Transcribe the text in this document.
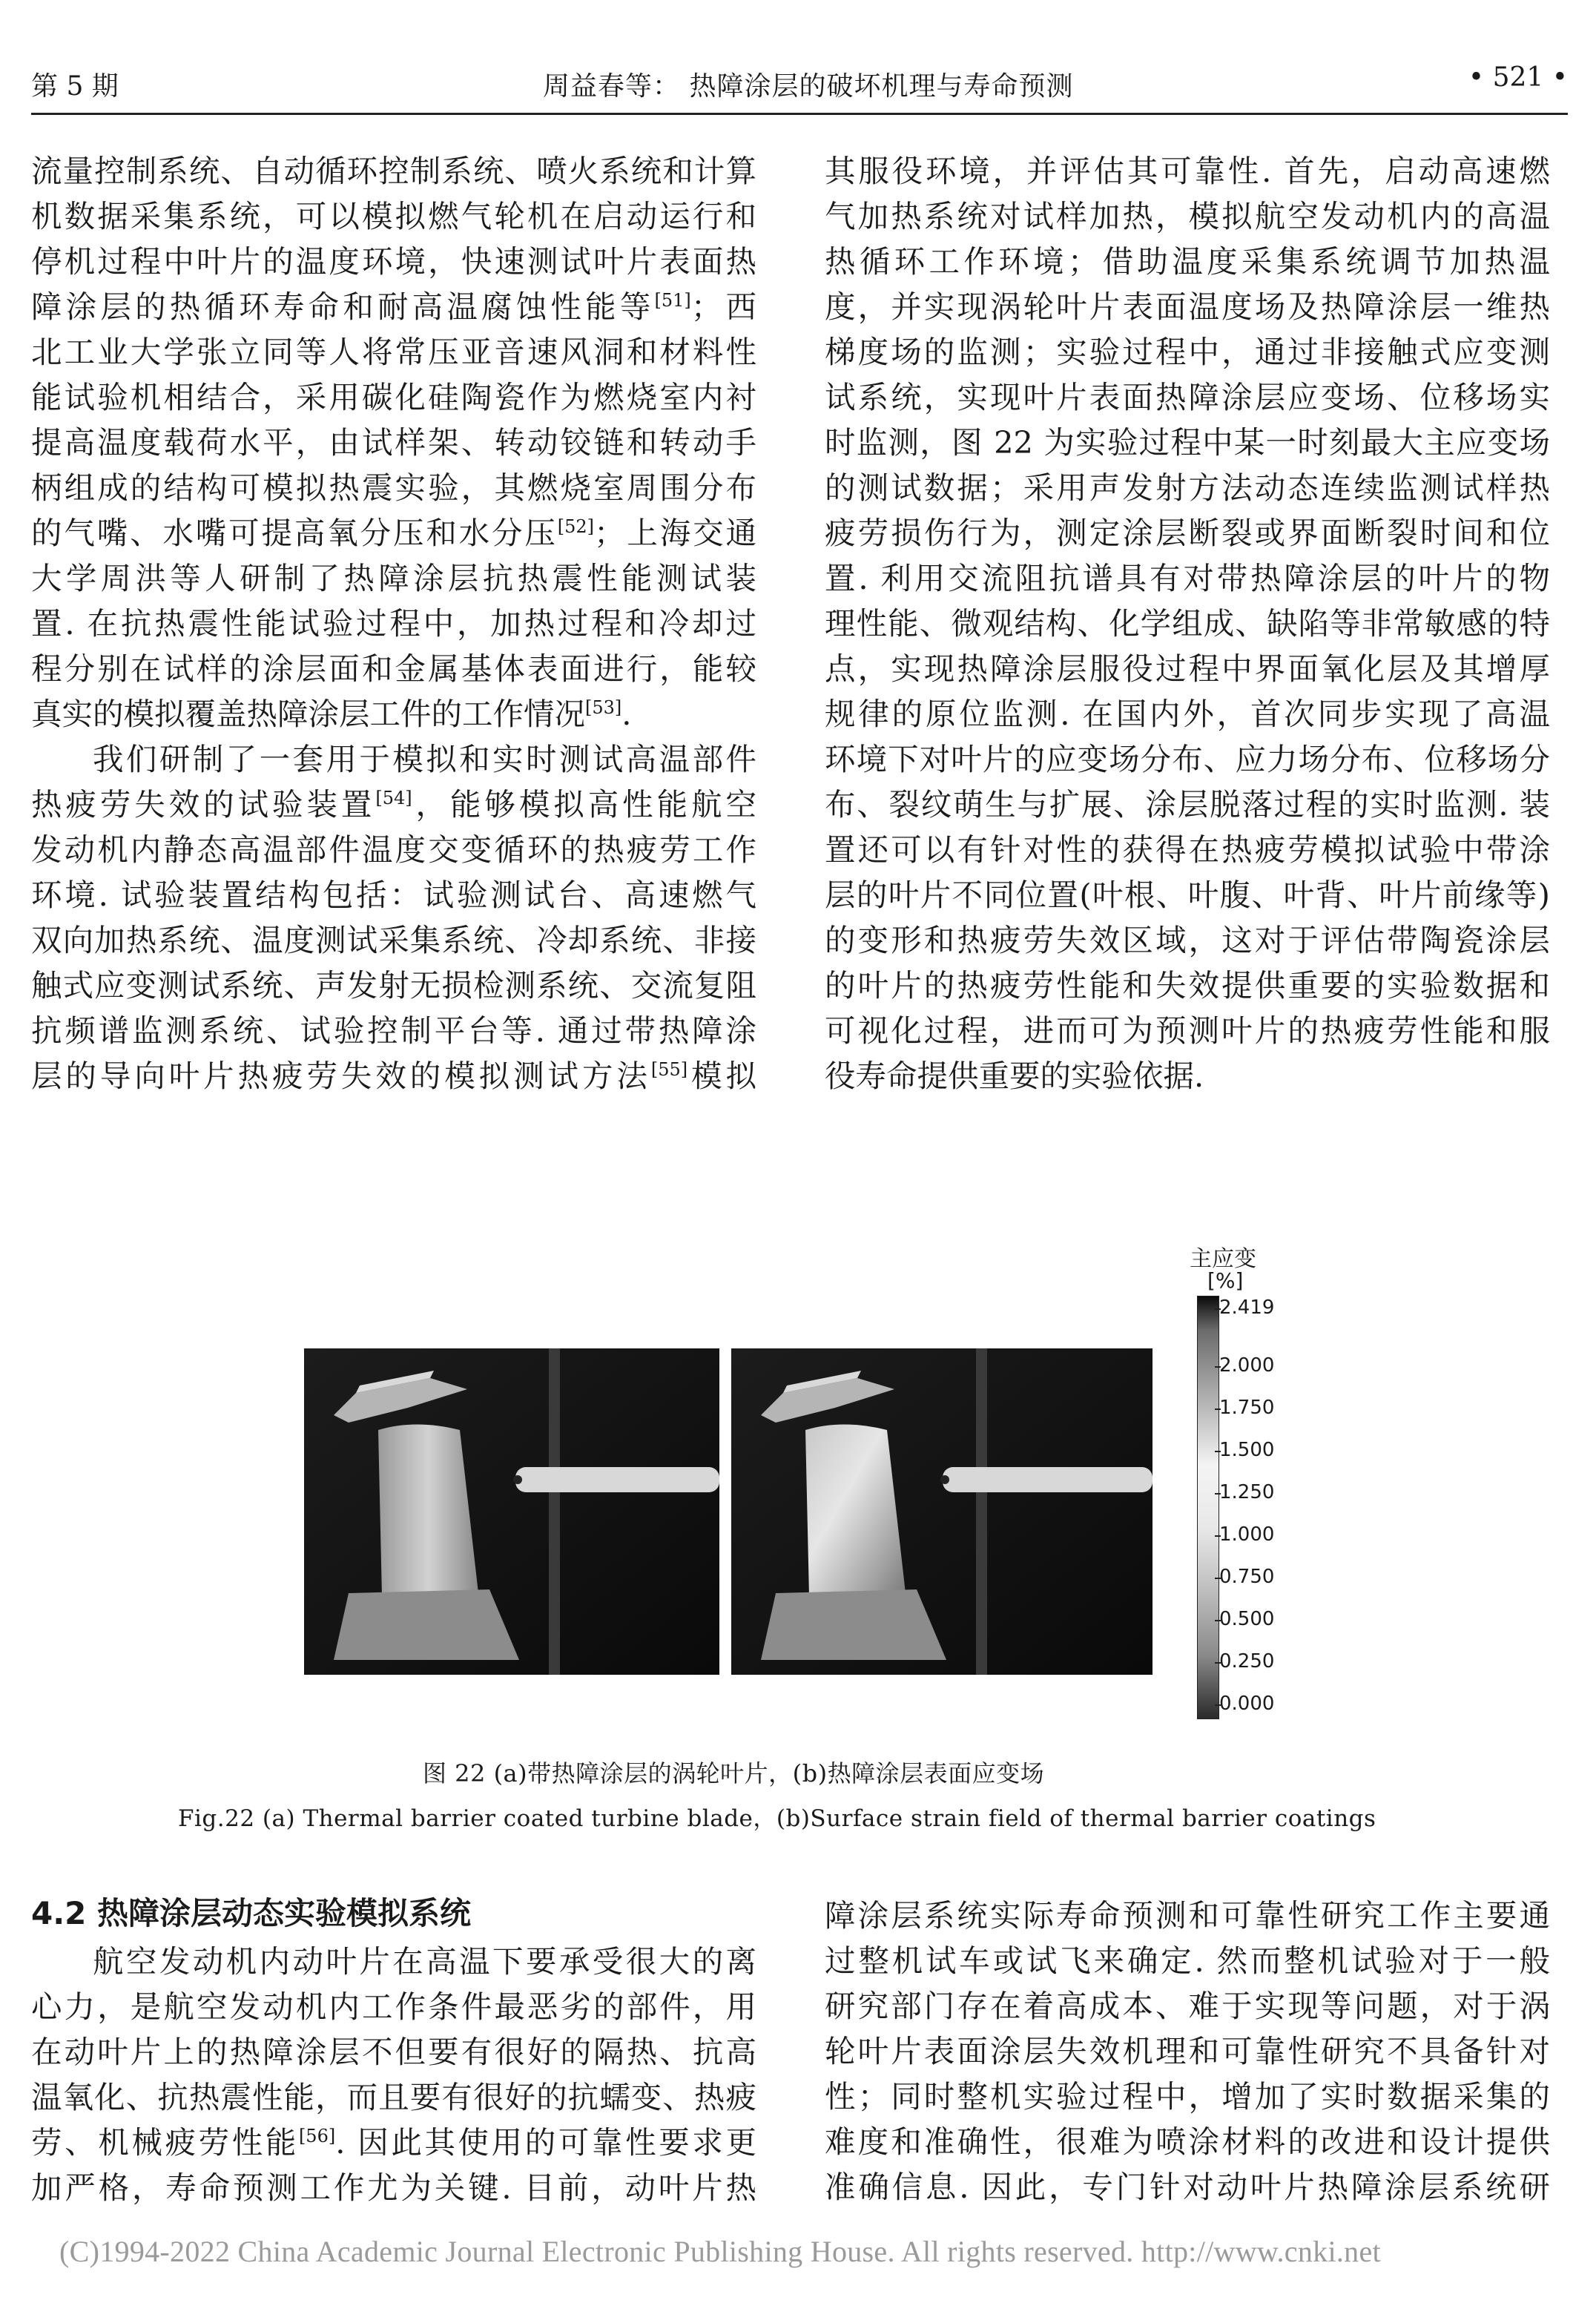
第 5 期	周益春等： 热障涂层的破坏机理与寿命预测	• 521 •

流量控制系统、自动循环控制系统、喷火系统和计算

机数据采集系统，可以模拟燃气轮机在启动运行和

停机过程中叶片的温度环境，快速测试叶片表面热

障涂层的热循环寿命和耐高温腐蚀性能等[51]；西

北工业大学张立同等人将常压亚音速风洞和材料性

能试验机相结合，采用碳化硅陶瓷作为燃烧室内衬

提高温度载荷水平，由试样架、转动铰链和转动手

柄组成的结构可模拟热震实验，其燃烧室周围分布

的气嘴、水嘴可提高氧分压和水分压[52]；上海交通

大学周洪等人研制了热障涂层抗热震性能测试装

置. 在抗热震性能试验过程中，加热过程和冷却过

程分别在试样的涂层面和金属基体表面进行，能较

真实的模拟覆盖热障涂层工件的工作情况[53].

我们研制了一套用于模拟和实时测试高温部件

热疲劳失效的试验装置[54]，能够模拟高性能航空

发动机内静态高温部件温度交变循环的热疲劳工作

环境. 试验装置结构包括：试验测试台、高速燃气

双向加热系统、温度测试采集系统、冷却系统、非接

触式应变测试系统、声发射无损检测系统、交流复阻

抗频谱监测系统、试验控制平台等. 通过带热障涂

层的导向叶片热疲劳失效的模拟测试方法[55]模拟

其服役环境，并评估其可靠性. 首先，启动高速燃

气加热系统对试样加热，模拟航空发动机内的高温

热循环工作环境；借助温度采集系统调节加热温

度，并实现涡轮叶片表面温度场及热障涂层一维热

梯度场的监测；实验过程中，通过非接触式应变测

试系统，实现叶片表面热障涂层应变场、位移场实

时监测，图 22 为实验过程中某一时刻最大主应变场

的测试数据；采用声发射方法动态连续监测试样热

疲劳损伤行为，测定涂层断裂或界面断裂时间和位

置. 利用交流阻抗谱具有对带热障涂层的叶片的物

理性能、微观结构、化学组成、缺陷等非常敏感的特

点，实现热障涂层服役过程中界面氧化层及其增厚

规律的原位监测. 在国内外，首次同步实现了高温

环境下对叶片的应变场分布、应力场分布、位移场分

布、裂纹萌生与扩展、涂层脱落过程的实时监测. 装

置还可以有针对性的获得在热疲劳模拟试验中带涂

层的叶片不同位置(叶根、叶腹、叶背、叶片前缘等)

的变形和热疲劳失效区域，这对于评估带陶瓷涂层

的叶片的热疲劳性能和失效提供重要的实验数据和

可视化过程，进而可为预测叶片的热疲劳性能和服

役寿命提供重要的实验依据.

主应变
[%]
2.419
2.000
1.750
1.500
1.250
1.000
0.750
0.500
0.250
0.000
图 22 (a)带热障涂层的涡轮叶片，(b)热障涂层表面应变场
Fig.22 (a) Thermal barrier coated turbine blade，(b)Surface strain field of thermal barrier coatings
4.2 热障涂层动态实验模拟系统

航空发动机内动叶片在高温下要承受很大的离

心力，是航空发动机内工作条件最恶劣的部件，用

在动叶片上的热障涂层不但要有很好的隔热、抗高

温氧化、抗热震性能，而且要有很好的抗蠕变、热疲

劳、机械疲劳性能[56]. 因此其使用的可靠性要求更

加严格，寿命预测工作尤为关键. 目前，动叶片热

障涂层系统实际寿命预测和可靠性研究工作主要通

过整机试车或试飞来确定. 然而整机试验对于一般

研究部门存在着高成本、难于实现等问题，对于涡

轮叶片表面涂层失效机理和可靠性研究不具备针对

性；同时整机实验过程中，增加了实时数据采集的

难度和准确性，很难为喷涂材料的改进和设计提供

准确信息. 因此，专门针对动叶片热障涂层系统研

(C)1994-2022 China Academic Journal Electronic Publishing House. All rights reserved. http://www.cnki.net
